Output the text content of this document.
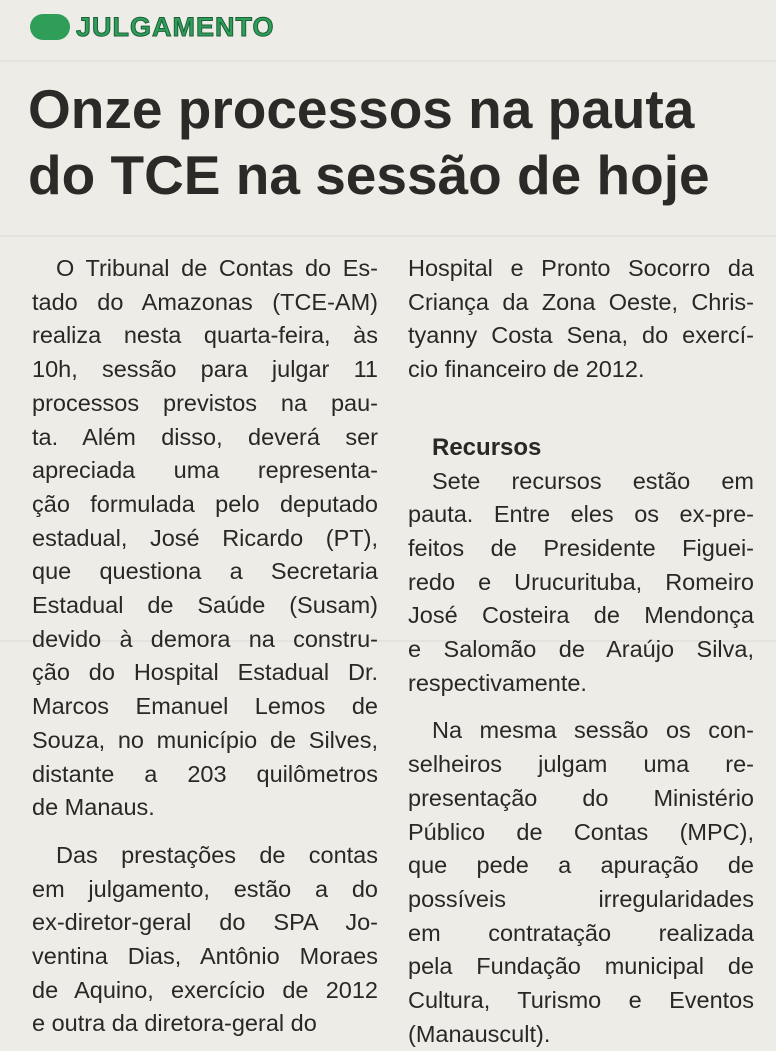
JULGAMENTO
Onze processos na pauta
do TCE na sessão de hoje

O Tribunal de Contas do Es-
tado do Amazonas (TCE-AM)
realiza nesta quarta-feira, às
10h, sessão para julgar 11
processos previstos na pau-
ta. Além disso, deverá ser
apreciada uma representa-
ção formulada pelo deputado
estadual, José Ricardo (PT),
que questiona a Secretaria
Estadual de Saúde (Susam)
devido à demora na constru-
ção do Hospital Estadual Dr.
Marcos Emanuel Lemos de
Souza, no município de Silves,
distante a 203 quilômetros
de Manaus.

Das prestações de contas
em julgamento, estão a do
ex-diretor-geral do SPA Jo-
ventina Dias, Antônio Moraes
de Aquino, exercício de 2012
e outra da diretora-geral do

Hospital e Pronto Socorro da
Criança da Zona Oeste, Chris-
tyanny Costa Sena, do exercí-
cio financeiro de 2012.

Recursos

Sete recursos estão em
pauta. Entre eles os ex-pre-
feitos de Presidente Figuei-
redo e Urucurituba, Romeiro
José Costeira de Mendonça
e Salomão de Araújo Silva,
respectivamente.

Na mesma sessão os con-
selheiros julgam uma re-
presentação do Ministério
Público de Contas (MPC),
que pede a apuração de
possíveis irregularidades
em contratação realizada
pela Fundação municipal de
Cultura, Turismo e Eventos
(Manauscult).
